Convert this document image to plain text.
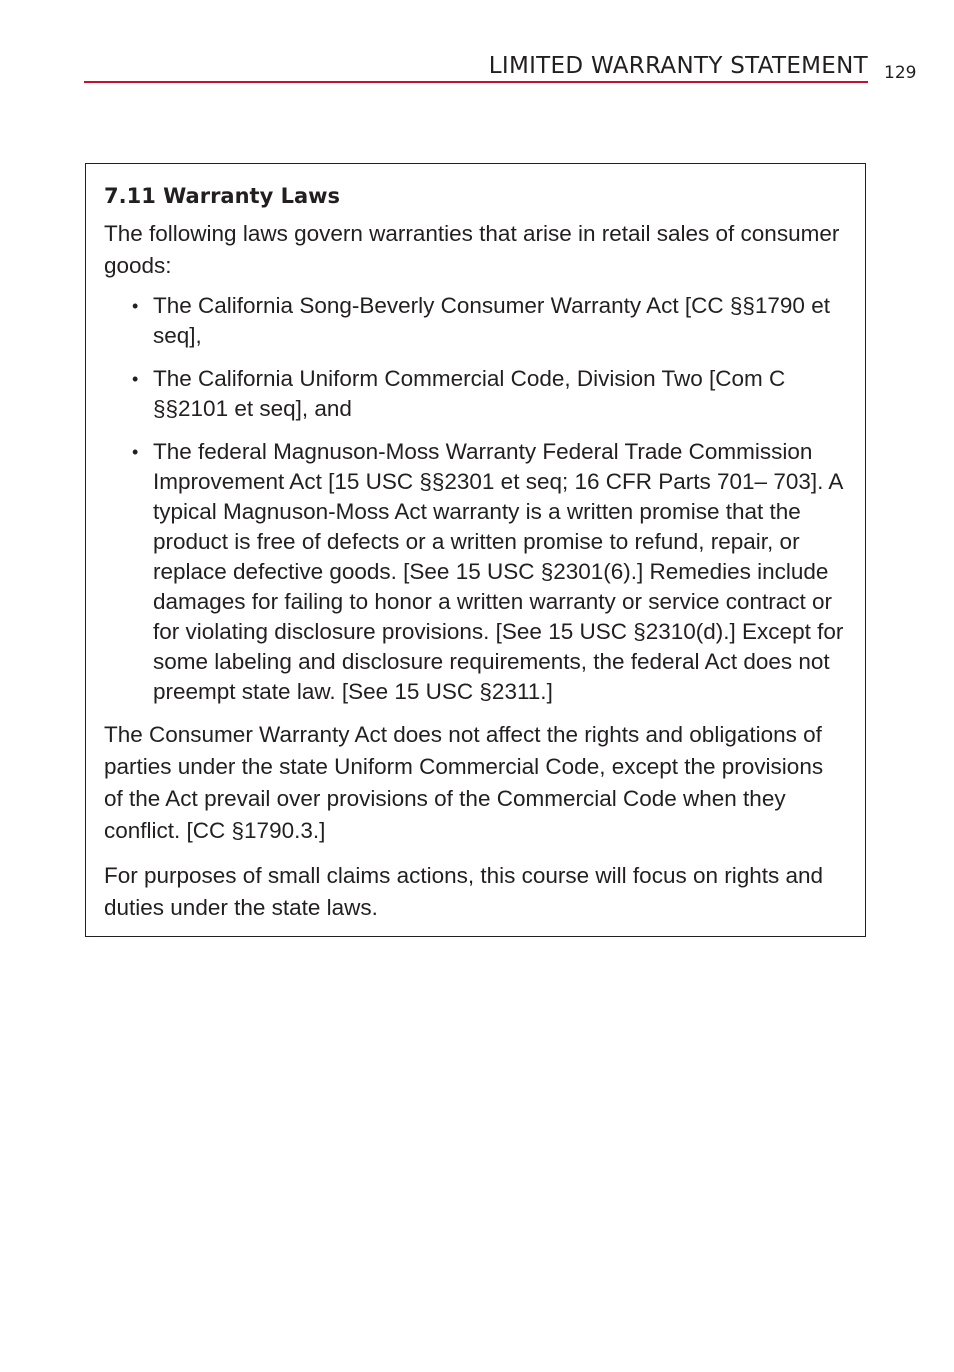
LIMITED WARRANTY STATEMENT 129
7.11 Warranty Laws

The following laws govern warranties that arise in retail sales of consumer goods:

• The California Song-Beverly Consumer Warranty Act [CC §§1790 et seq],
• The California Uniform Commercial Code, Division Two [Com C §§2101 et seq], and
• The federal Magnuson-Moss Warranty Federal Trade Commission Improvement Act [15 USC §§2301 et seq; 16 CFR Parts 701– 703]. A typical Magnuson-Moss Act warranty is a written promise that the product is free of defects or a written promise to refund, repair, or replace defective goods. [See 15 USC §2301(6).] Remedies include damages for failing to honor a written warranty or service contract or for violating disclosure provisions. [See 15 USC §2310(d).] Except for some labeling and disclosure requirements, the federal Act does not preempt state law. [See 15 USC §2311.]

The Consumer Warranty Act does not affect the rights and obligations of parties under the state Uniform Commercial Code, except the provisions of the Act prevail over provisions of the Commercial Code when they conflict. [CC §1790.3.]

For purposes of small claims actions, this course will focus on rights and duties under the state laws.
